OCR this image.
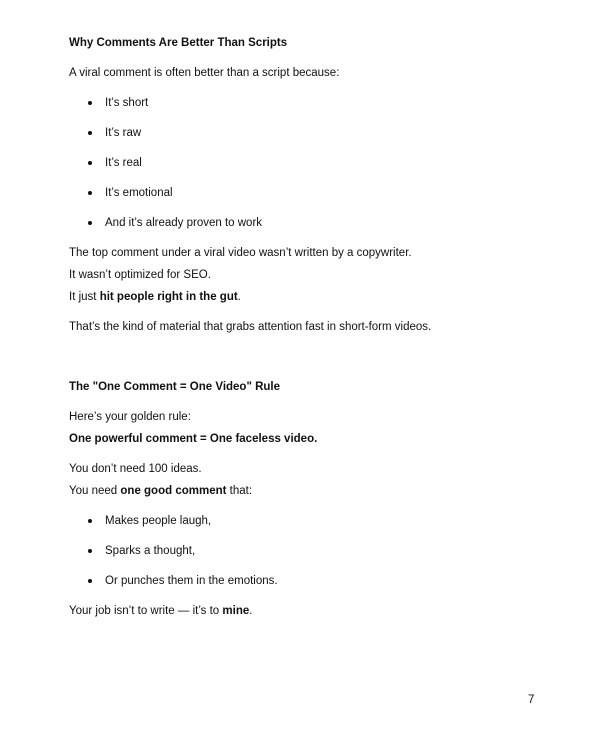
Why Comments Are Better Than Scripts
A viral comment is often better than a script because:
It’s short
It’s raw
It’s real
It’s emotional
And it’s already proven to work
The top comment under a viral video wasn’t written by a copywriter.
It wasn’t optimized for SEO.
It just hit people right in the gut.
That’s the kind of material that grabs attention fast in short-form videos.
The "One Comment = One Video" Rule
Here’s your golden rule:
One powerful comment = One faceless video.
You don’t need 100 ideas.
You need one good comment that:
Makes people laugh,
Sparks a thought,
Or punches them in the emotions.
Your job isn’t to write — it’s to mine.
7
